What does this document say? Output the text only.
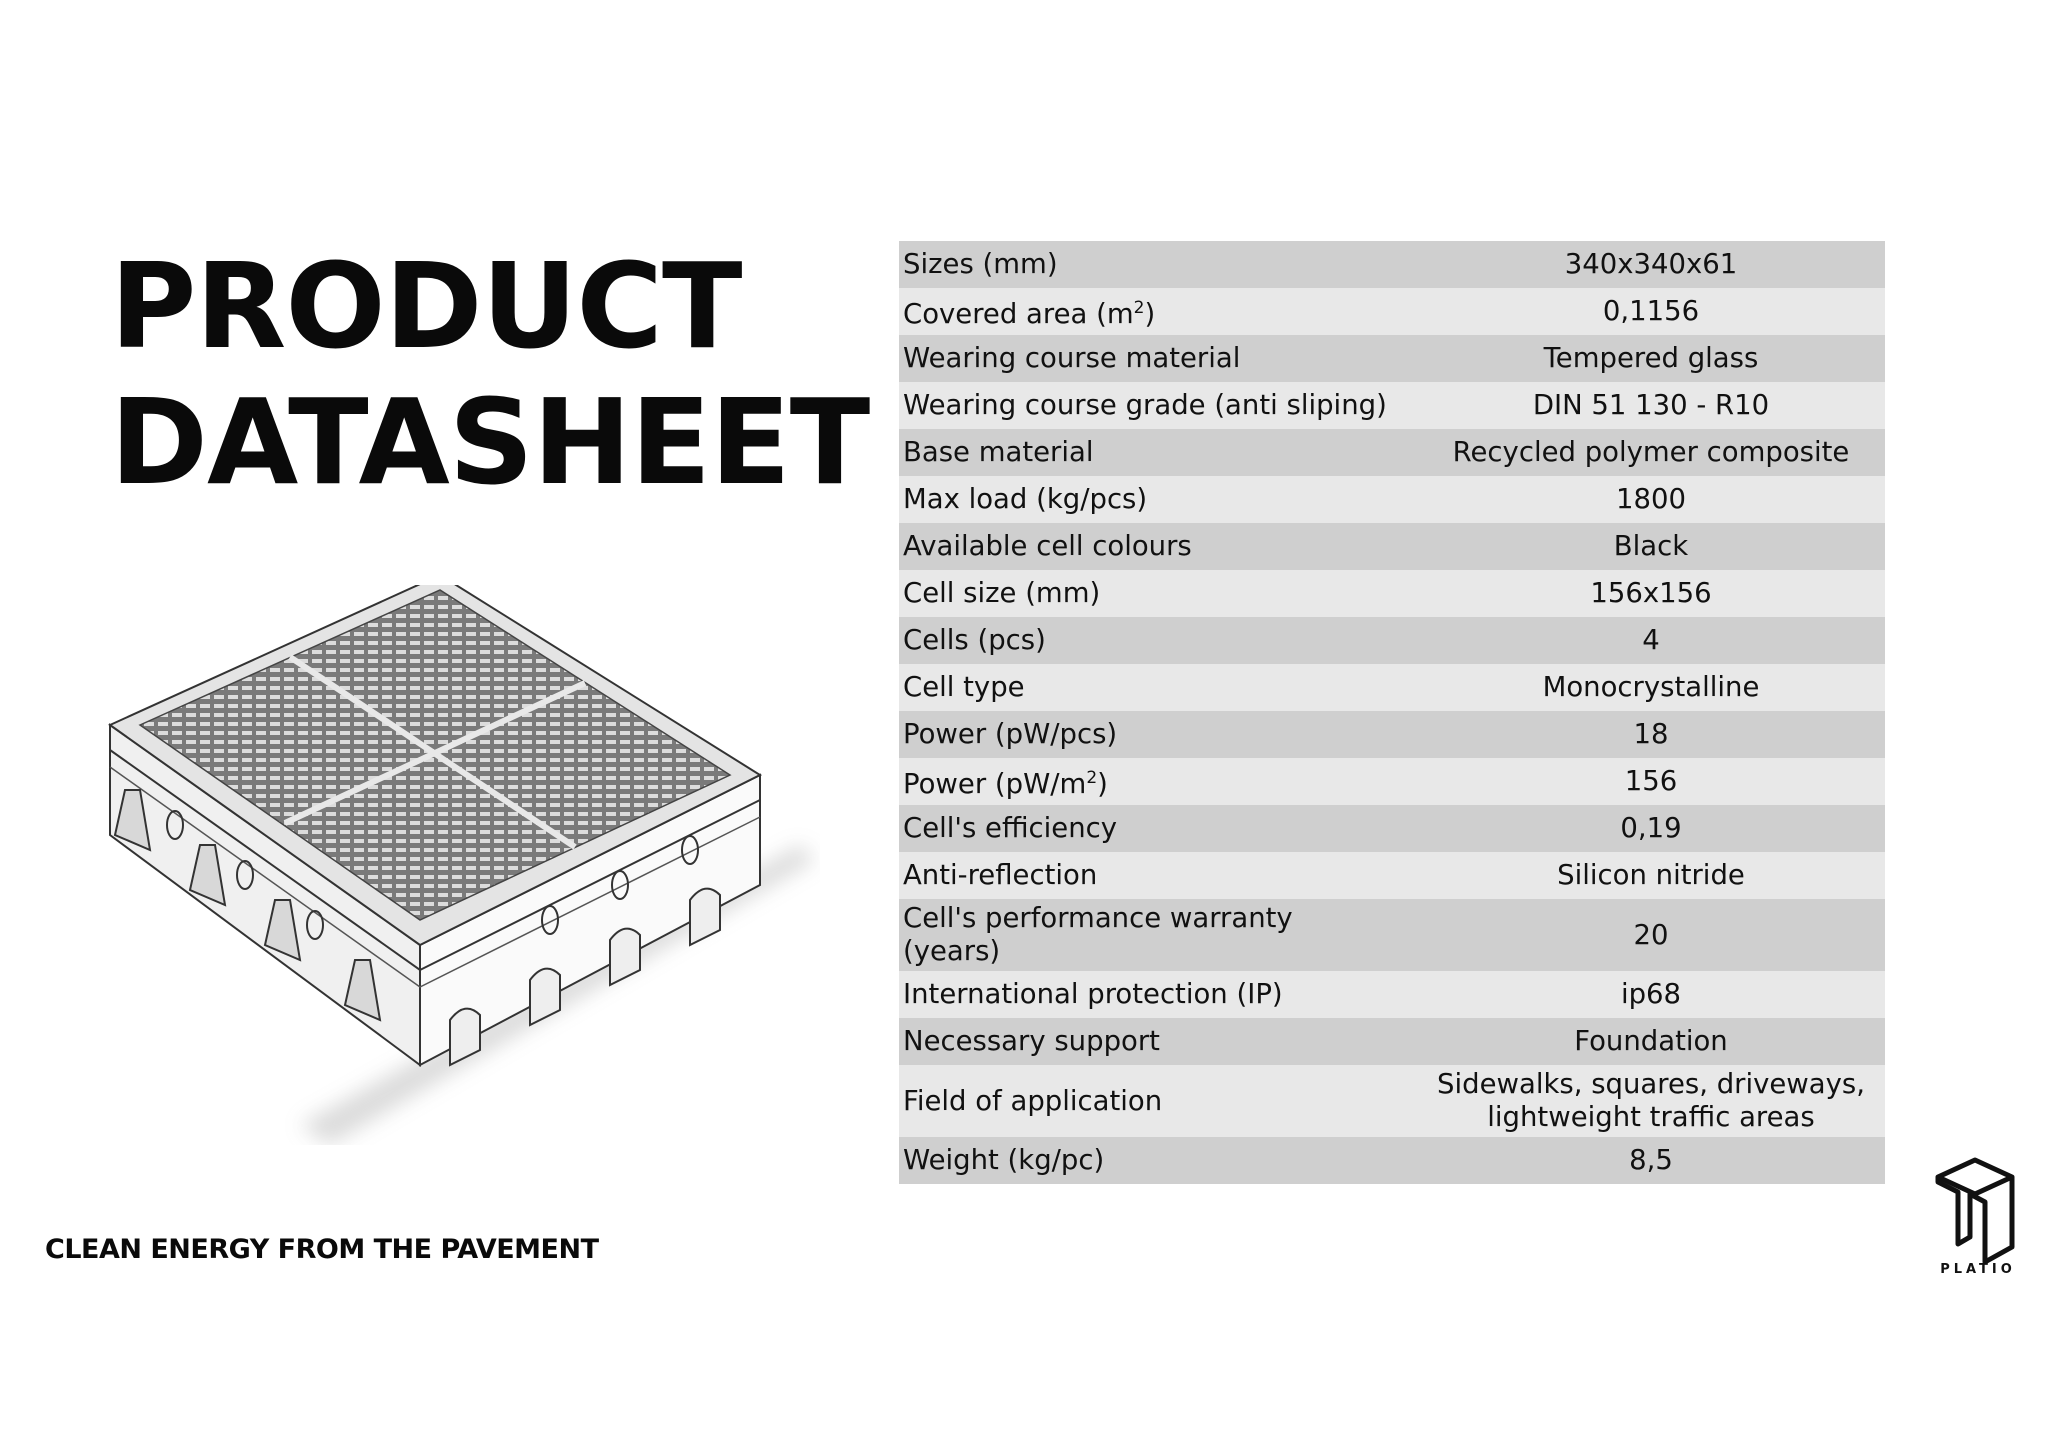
PRODUCT
DATASHEET
Sizes (mm)	340x340x61
Covered area $(m^2)$	0,1156
Wearing course material	Tempered glass
Wearing course grade (anti sliping)	DIN 51 130 - R10
Base material	Recycled polymer composite
Max load (kg/pcs)	1800
Available cell colours	Black
Cell size (mm)	156x156
Cells (pcs)	4
Cell type	Monocrystalline
Power (pW/pcs)	18
Power $(pW/m^2)$	156
Cell's efficiency	0,19
Anti-reflection	Silicon nitride

Cell's performance warranty
(years)	20
International protection (IP)	ip68
Necessary support	Foundation
Field of application	Sidewalks, squares, driveways,
lightweight traffic areas

Weight (kg/pc)	8,5
CLEAN ENERGY FROM THE PAVEMENT
PLATIO
